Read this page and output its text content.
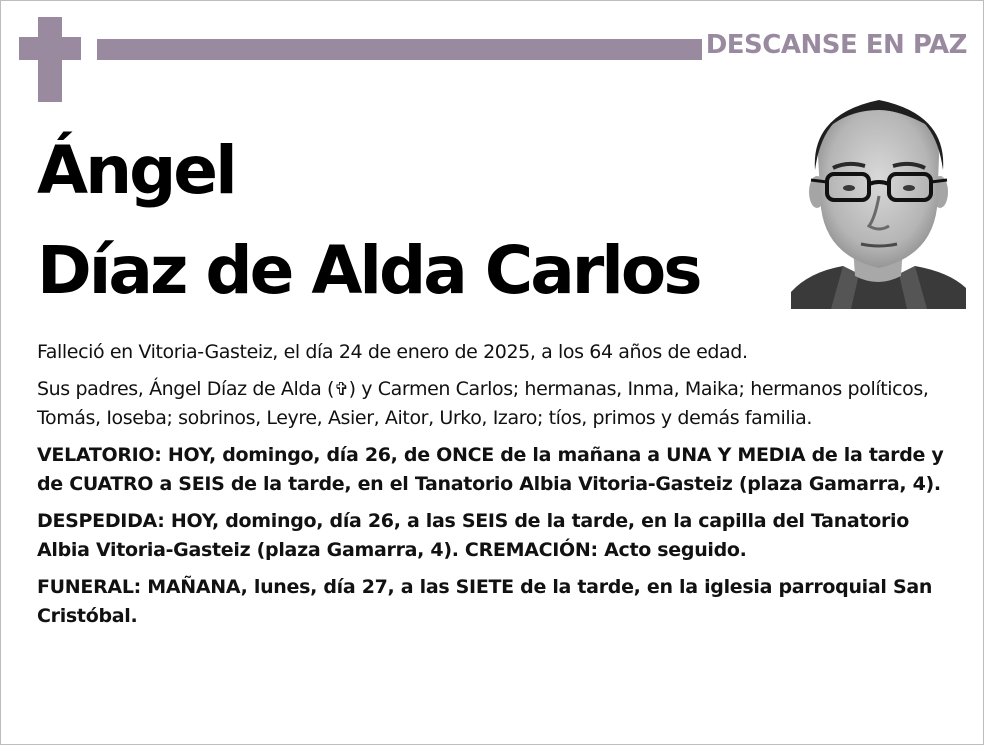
DESCANSE EN PAZ
Ángel
Díaz de Alda Carlos

Falleció en Vitoria-Gasteiz, el día 24 de enero de 2025, a los 64 años de edad.

Sus padres, Ángel Díaz de Alda (✞) y Carmen Carlos; hermanas, Inma, Maika; hermanos políticos, Tomás, Ioseba; sobrinos, Leyre, Asier, Aitor, Urko, Izaro; tíos, primos y demás familia.

VELATORIO: HOY, domingo, día 26, de ONCE de la mañana a UNA Y MEDIA de la tarde y de CUATRO a SEIS de la tarde, en el Tanatorio Albia Vitoria-Gasteiz (plaza Gamarra, 4).

DESPEDIDA: HOY, domingo, día 26, a las SEIS de la tarde, en la capilla del Tanatorio Albia Vitoria-Gasteiz (plaza Gamarra, 4). CREMACIÓN: Acto seguido.

FUNERAL: MAÑANA, lunes, día 27, a las SIETE de la tarde, en la iglesia parroquial San Cristóbal.
